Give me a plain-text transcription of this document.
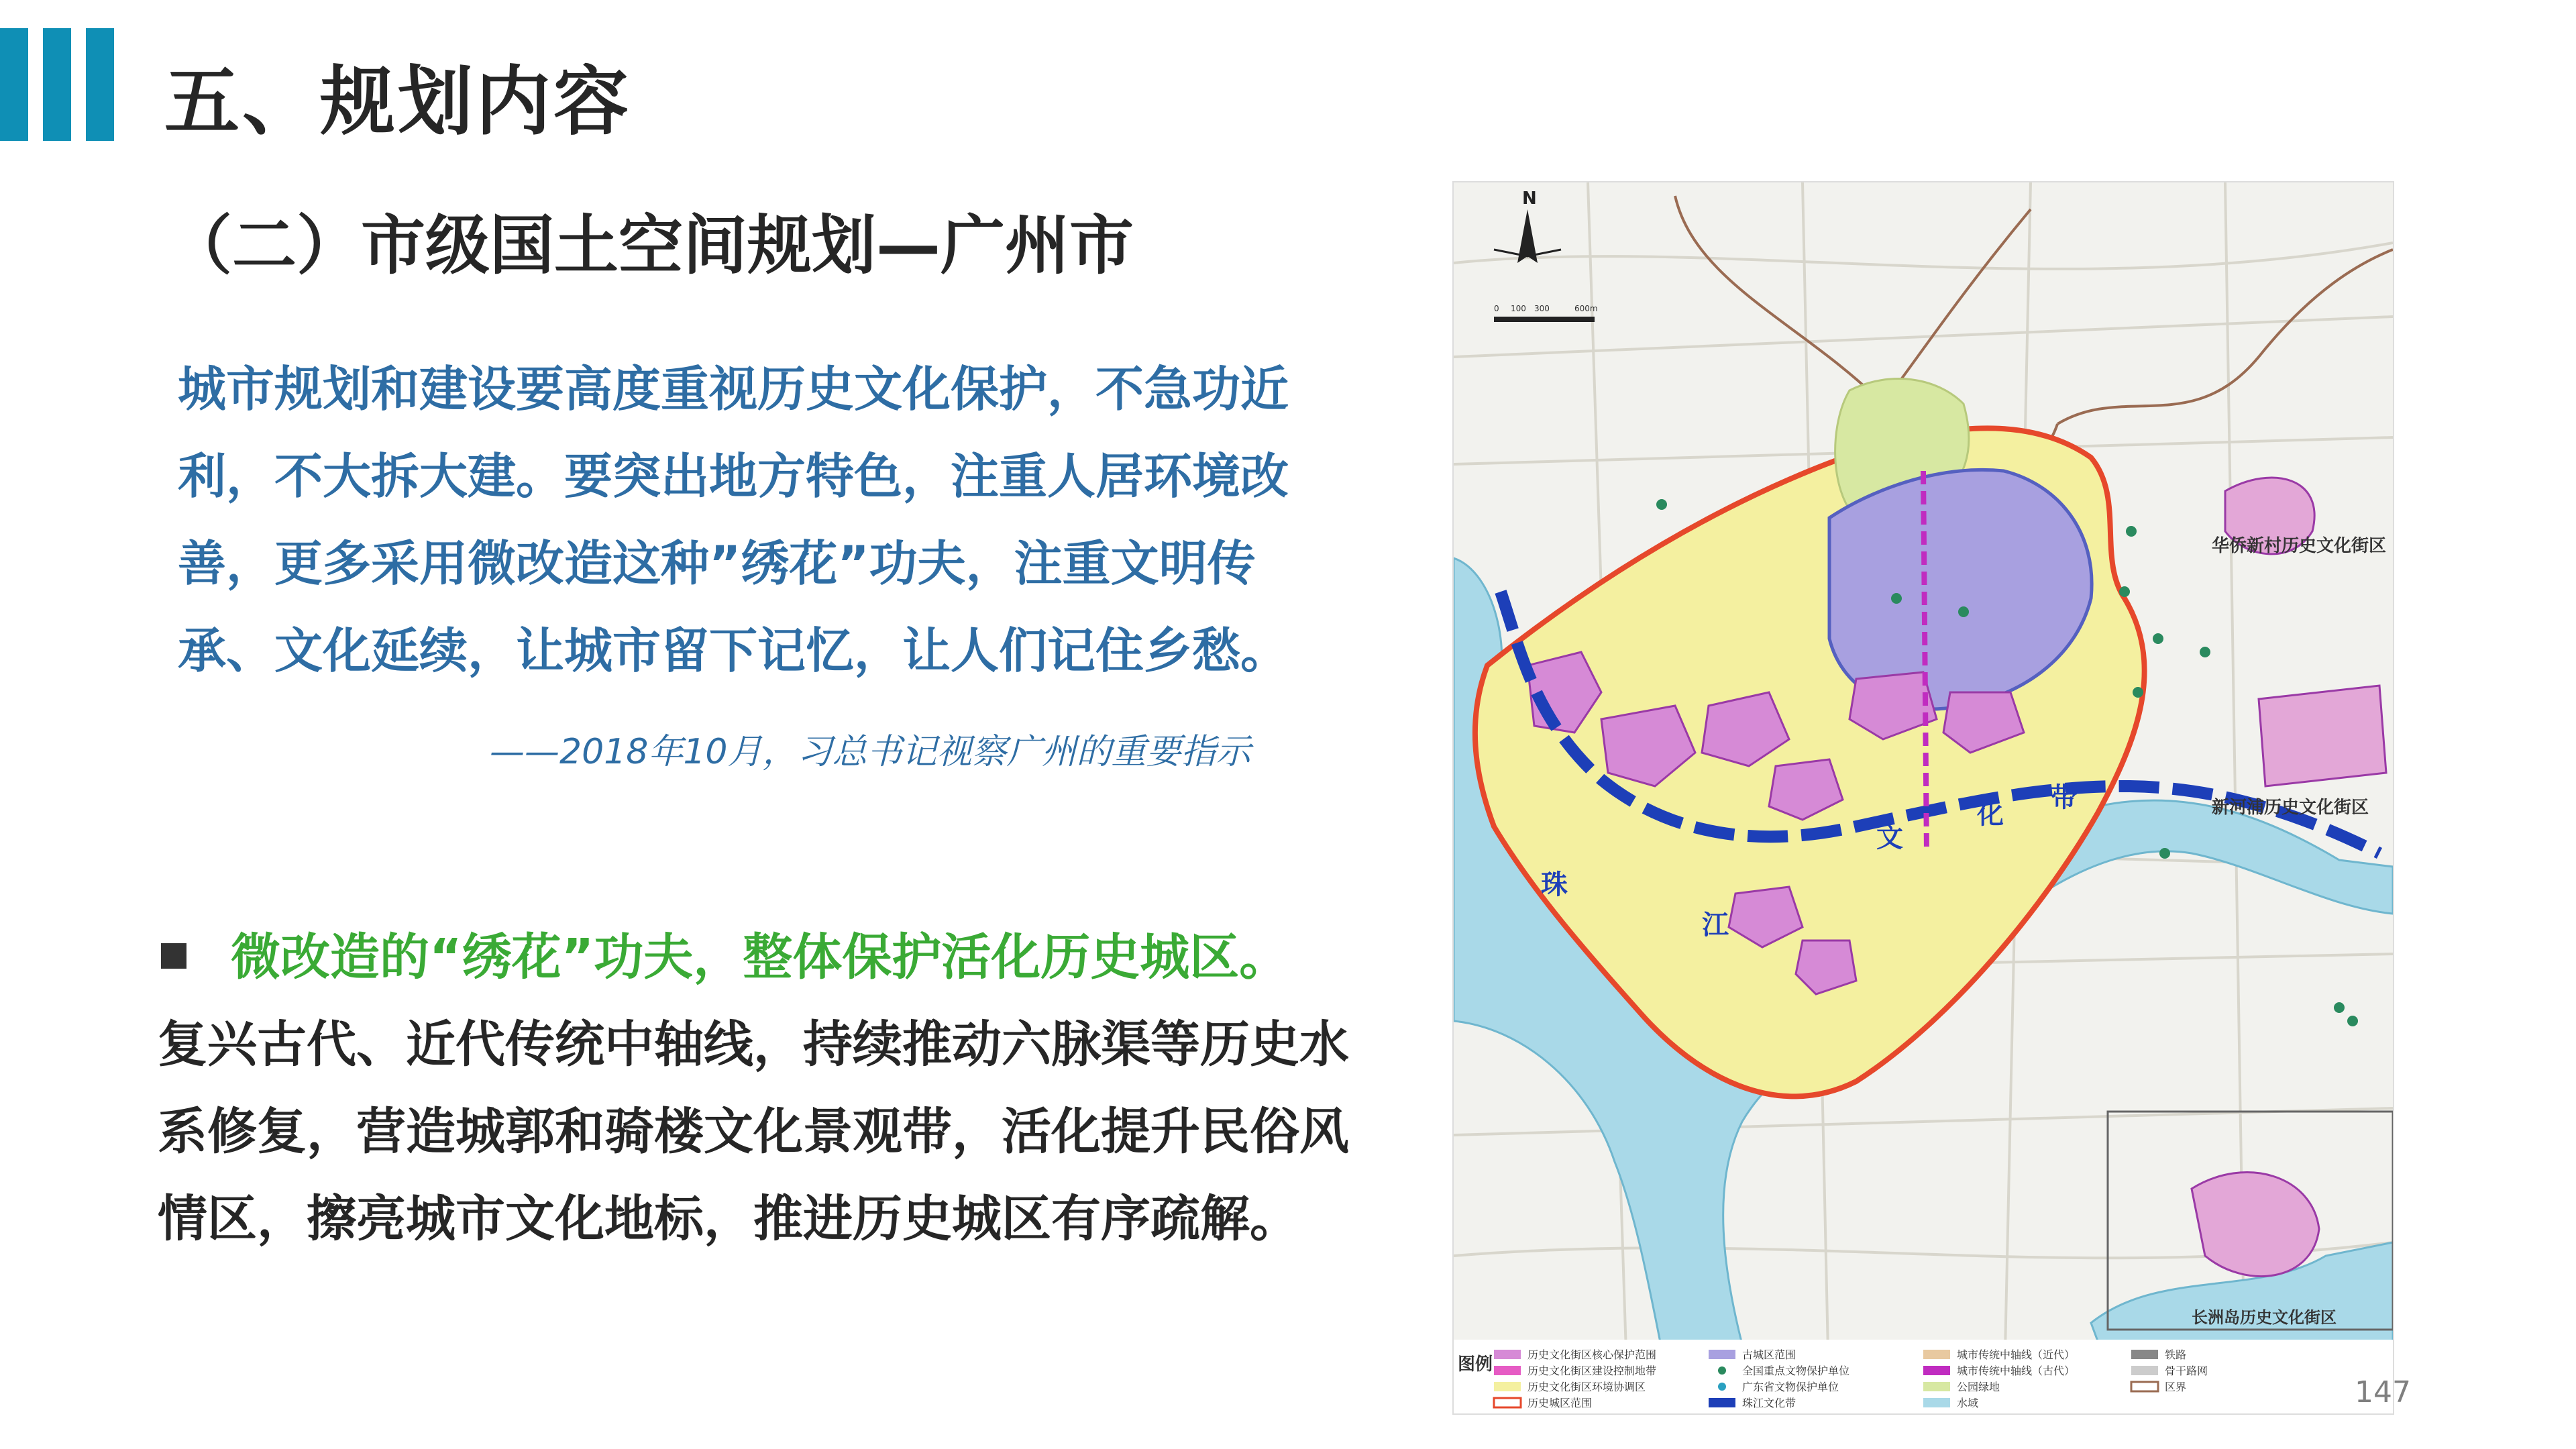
五、规划内容
（二）市级国土空间规划—广州市

城市规划和建设要高度重视历史文化保护，不急功近

利，不大拆大建。要突出地方特色，注重人居环境改

善，更多采用微改造这种”绣花”功夫，注重文明传

承、文化延续，让城市留下记忆，让人们记住乡愁。

——2018年10月，习总书记视察广州的重要指示
微改造的“绣花”功夫，整体保护活化历史城区。

复兴古代、近代传统中轴线，持续推动六脉渠等历史水

系修复，营造城郭和骑楼文化景观带，活化提升民俗风

情区，擦亮城市文化地标，推进历史城区有序疏解。

N
0 100 300	600m
华侨新村历史文化街区
新河浦历史文化街区
珠
江
文
化
带
长洲岛历史文化街区
图例	历史文化街区核心保护范围
历史文化街区建设控制地带
历史文化街区环境协调区
历史城区范围
古城区范围
全国重点文物保护单位
广东省文物保护单位
珠江文化带
城市传统中轴线（近代）
城市传统中轴线（古代）
公园绿地
水域
铁路
骨干路网
区界	147
